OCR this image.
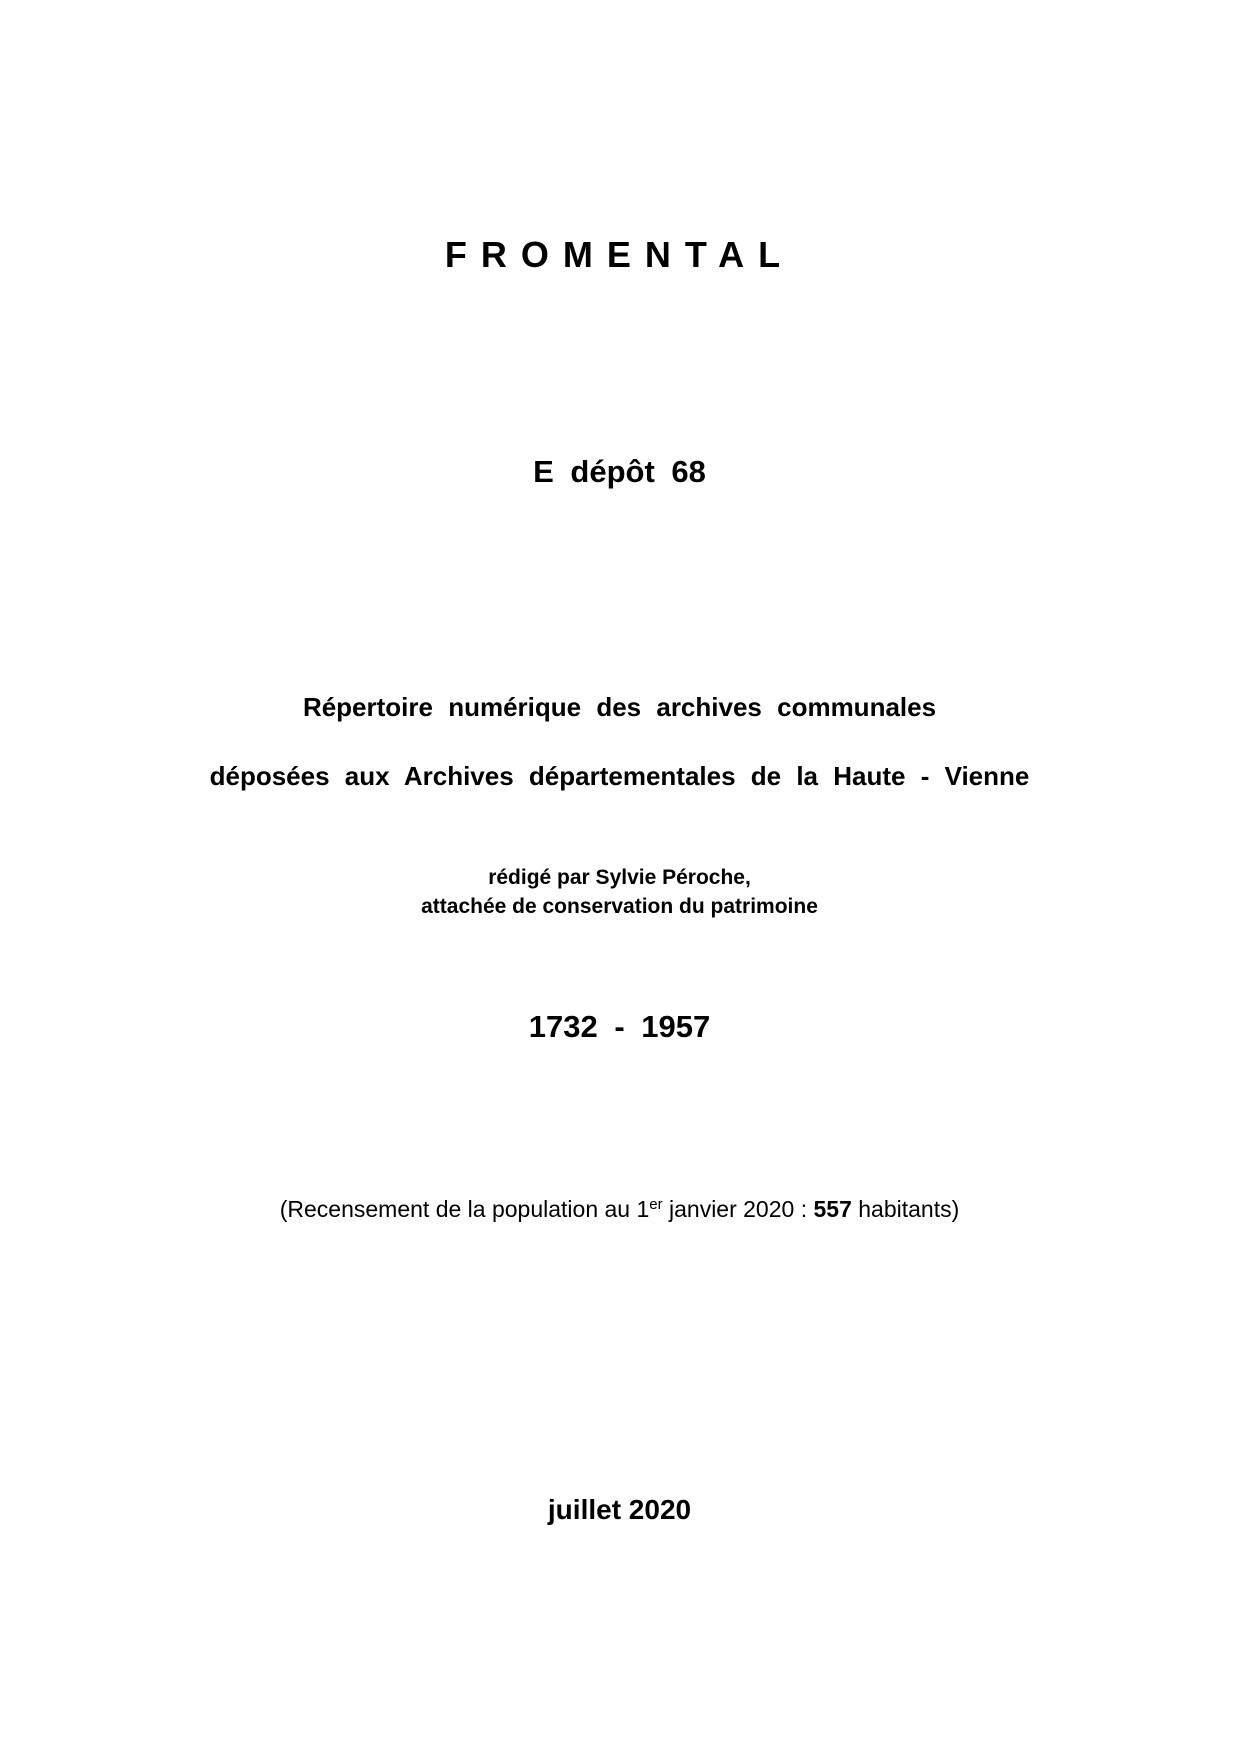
FROMENTAL

E dépôt 68

Répertoire numérique des archives communales

déposées aux Archives départementales de la Haute - Vienne

rédigé par Sylvie Péroche,

attachée de conservation du patrimoine

1732 - 1957

(Recensement de la population au 1er janvier 2020 : 557 habitants)

juillet 2020
